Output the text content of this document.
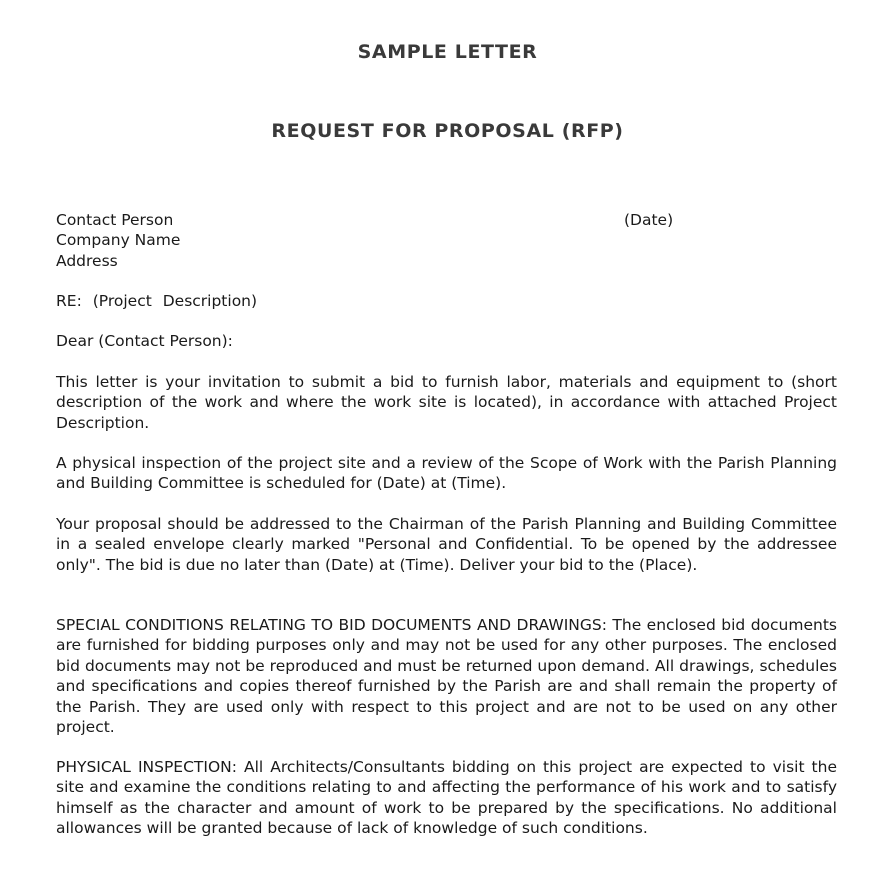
SAMPLE LETTER
REQUEST FOR PROPOSAL (RFP)
Contact Person
Company Name
Address
(Date)
RE: (Project Description)
Dear (Contact Person):
This letter is your invitation to submit a bid to furnish labor, materials and equipment to (short description of the work and where the work site is located), in accordance with attached Project Description.
A physical inspection of the project site and a review of the Scope of Work with the Parish Planning and Building Committee is scheduled for (Date) at (Time).
Your proposal should be addressed to the Chairman of the Parish Planning and Building Committee in a sealed envelope clearly marked "Personal and Confidential. To be opened by the addressee only". The bid is due no later than (Date) at (Time). Deliver your bid to the (Place).
SPECIAL CONDITIONS RELATING TO BID DOCUMENTS AND DRAWINGS: The enclosed bid documents are furnished for bidding purposes only and may not be used for any other purposes. The enclosed bid documents may not be reproduced and must be returned upon demand. All drawings, schedules and specifications and copies thereof furnished by the Parish are and shall remain the property of the Parish. They are used only with respect to this project and are not to be used on any other project.
PHYSICAL INSPECTION: All Architects/Consultants bidding on this project are expected to visit the site and examine the conditions relating to and affecting the performance of his work and to satisfy himself as the character and amount of work to be prepared by the specifications. No additional allowances will be granted because of lack of knowledge of such conditions.
